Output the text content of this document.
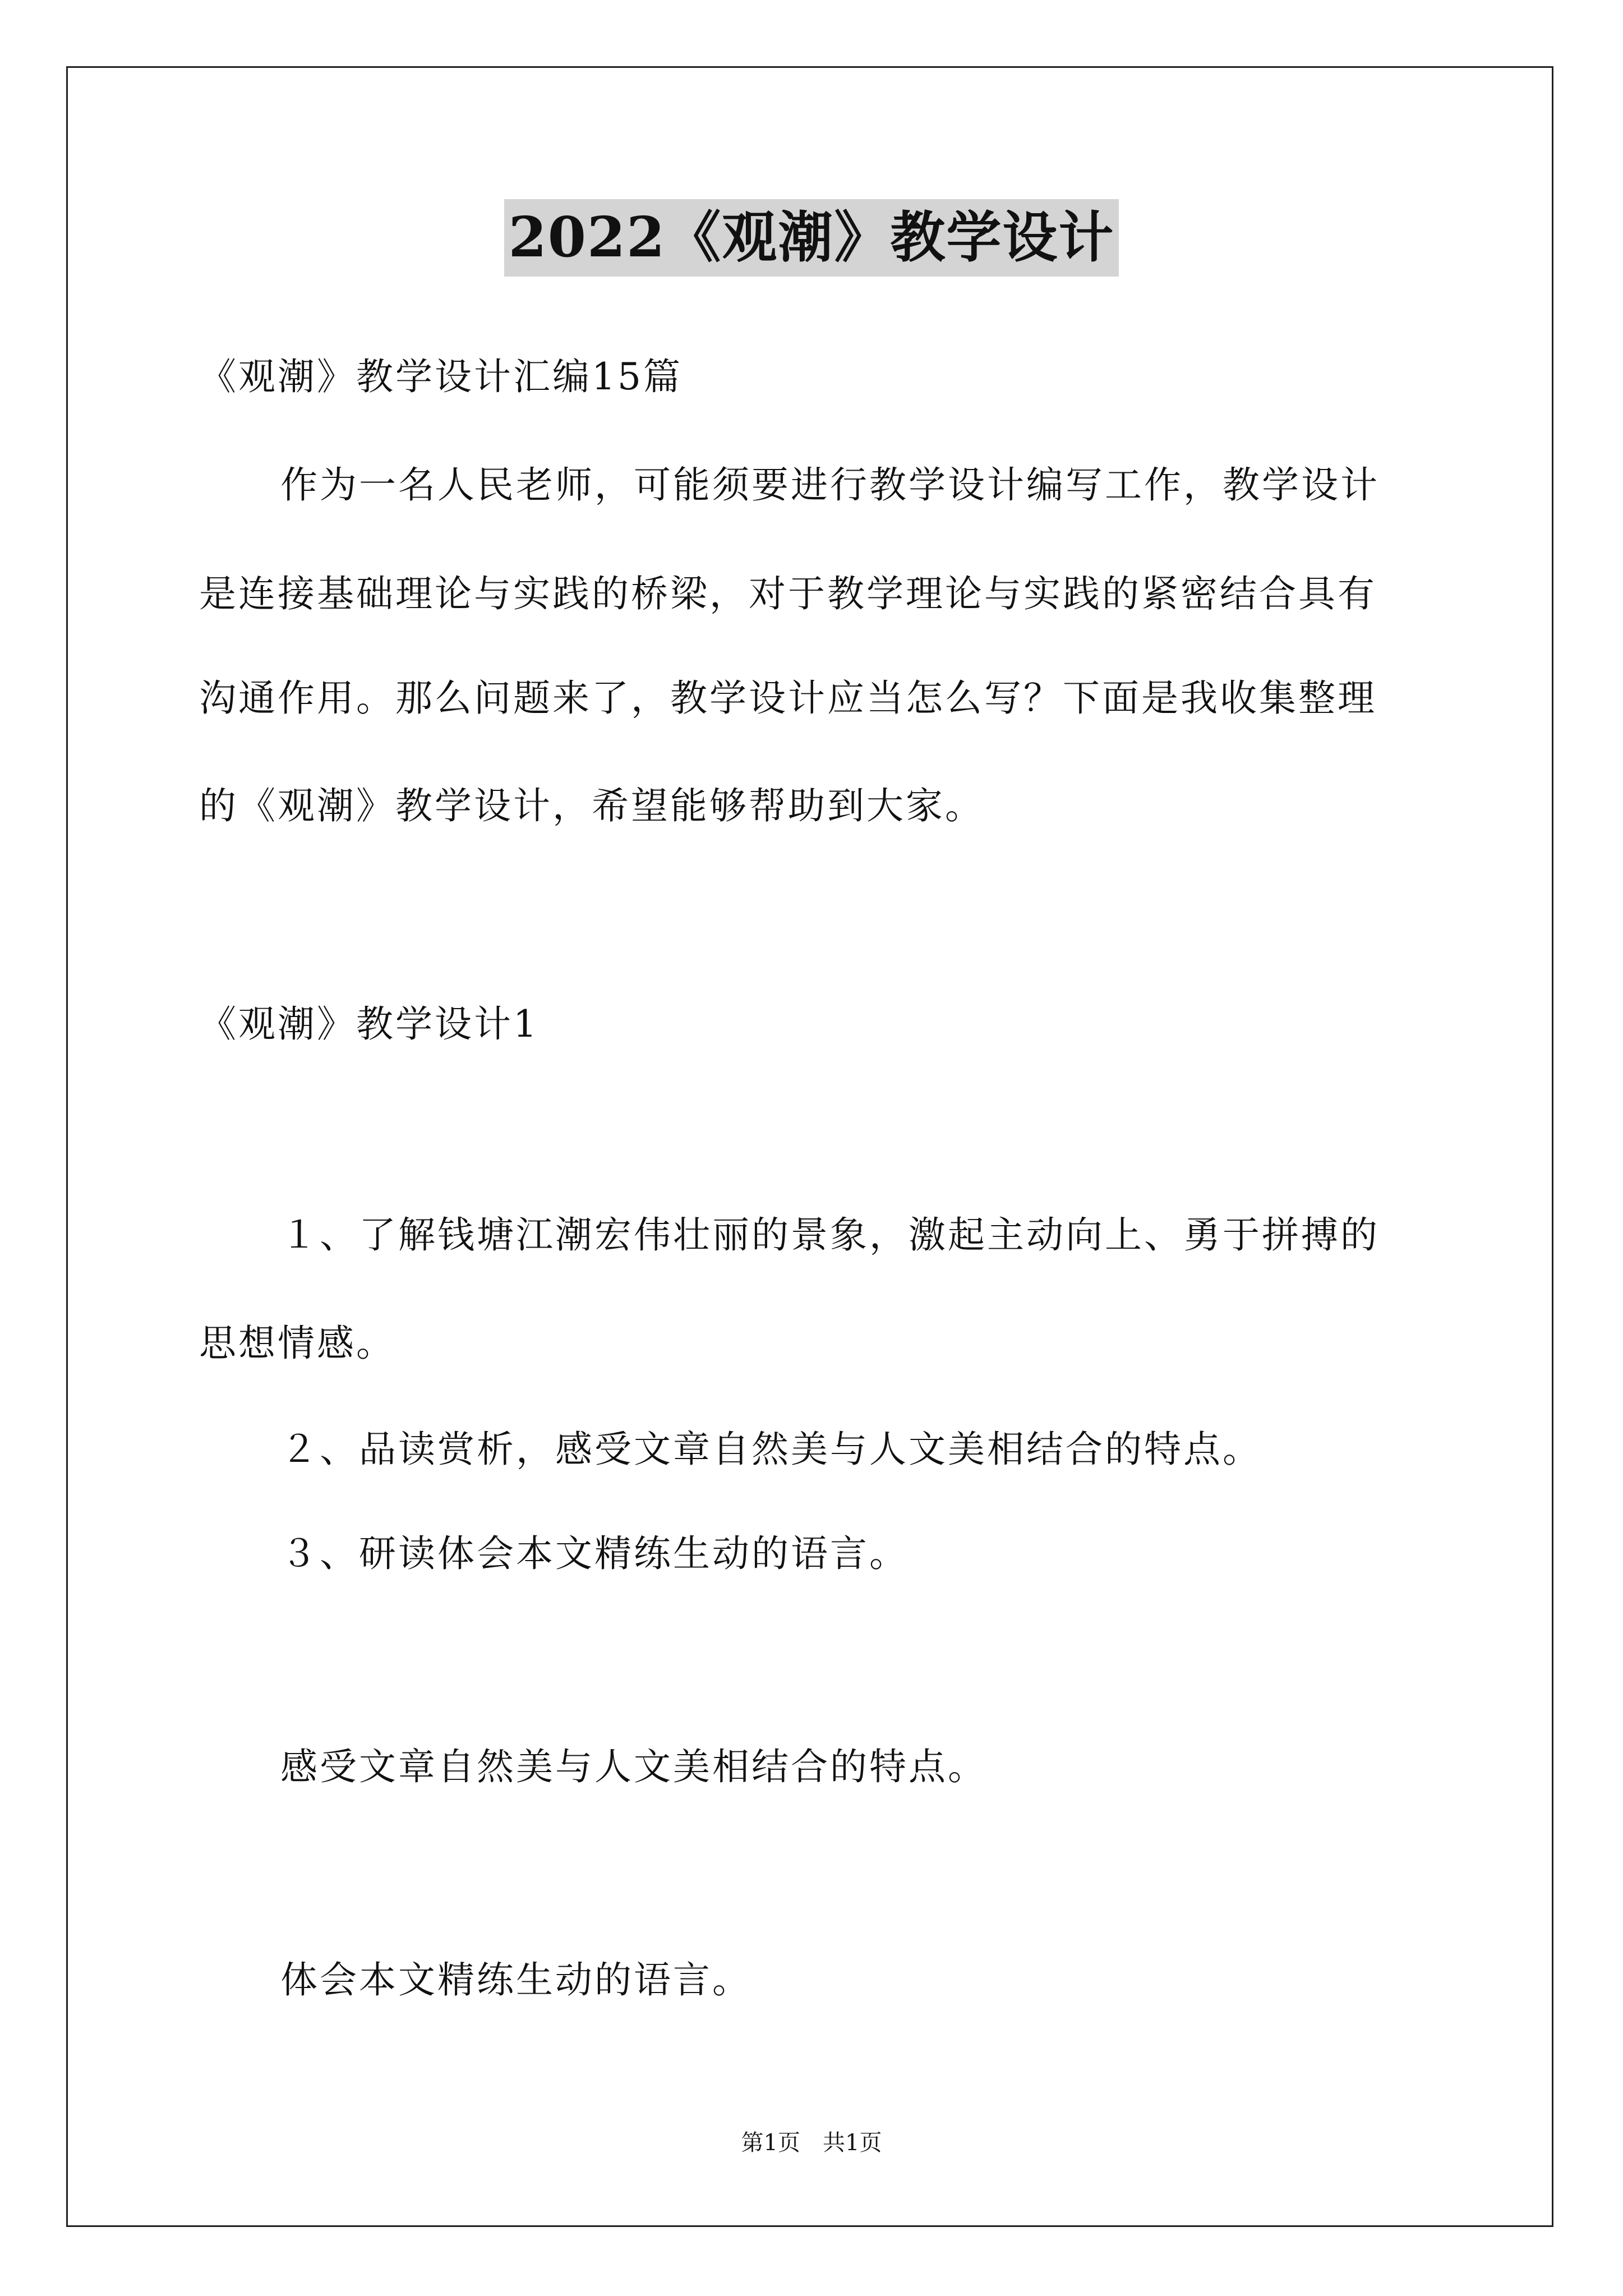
2022《观潮》教学设计
《观潮》教学设计汇编15篇
作为一名人民老师，可能须要进行教学设计编写工作，教学设计
是连接基础理论与实践的桥梁，对于教学理论与实践的紧密结合具有
沟通作用。那么问题来了，教学设计应当怎么写？下面是我收集整理
的《观潮》教学设计，希望能够帮助到大家。
《观潮》教学设计1
１、了解钱塘江潮宏伟壮丽的景象，激起主动向上、勇于拼搏的
思想情感。
２、品读赏析，感受文章自然美与人文美相结合的特点。
３、研读体会本文精练生动的语言。
感受文章自然美与人文美相结合的特点。
体会本文精练生动的语言。
第1页　共1页
